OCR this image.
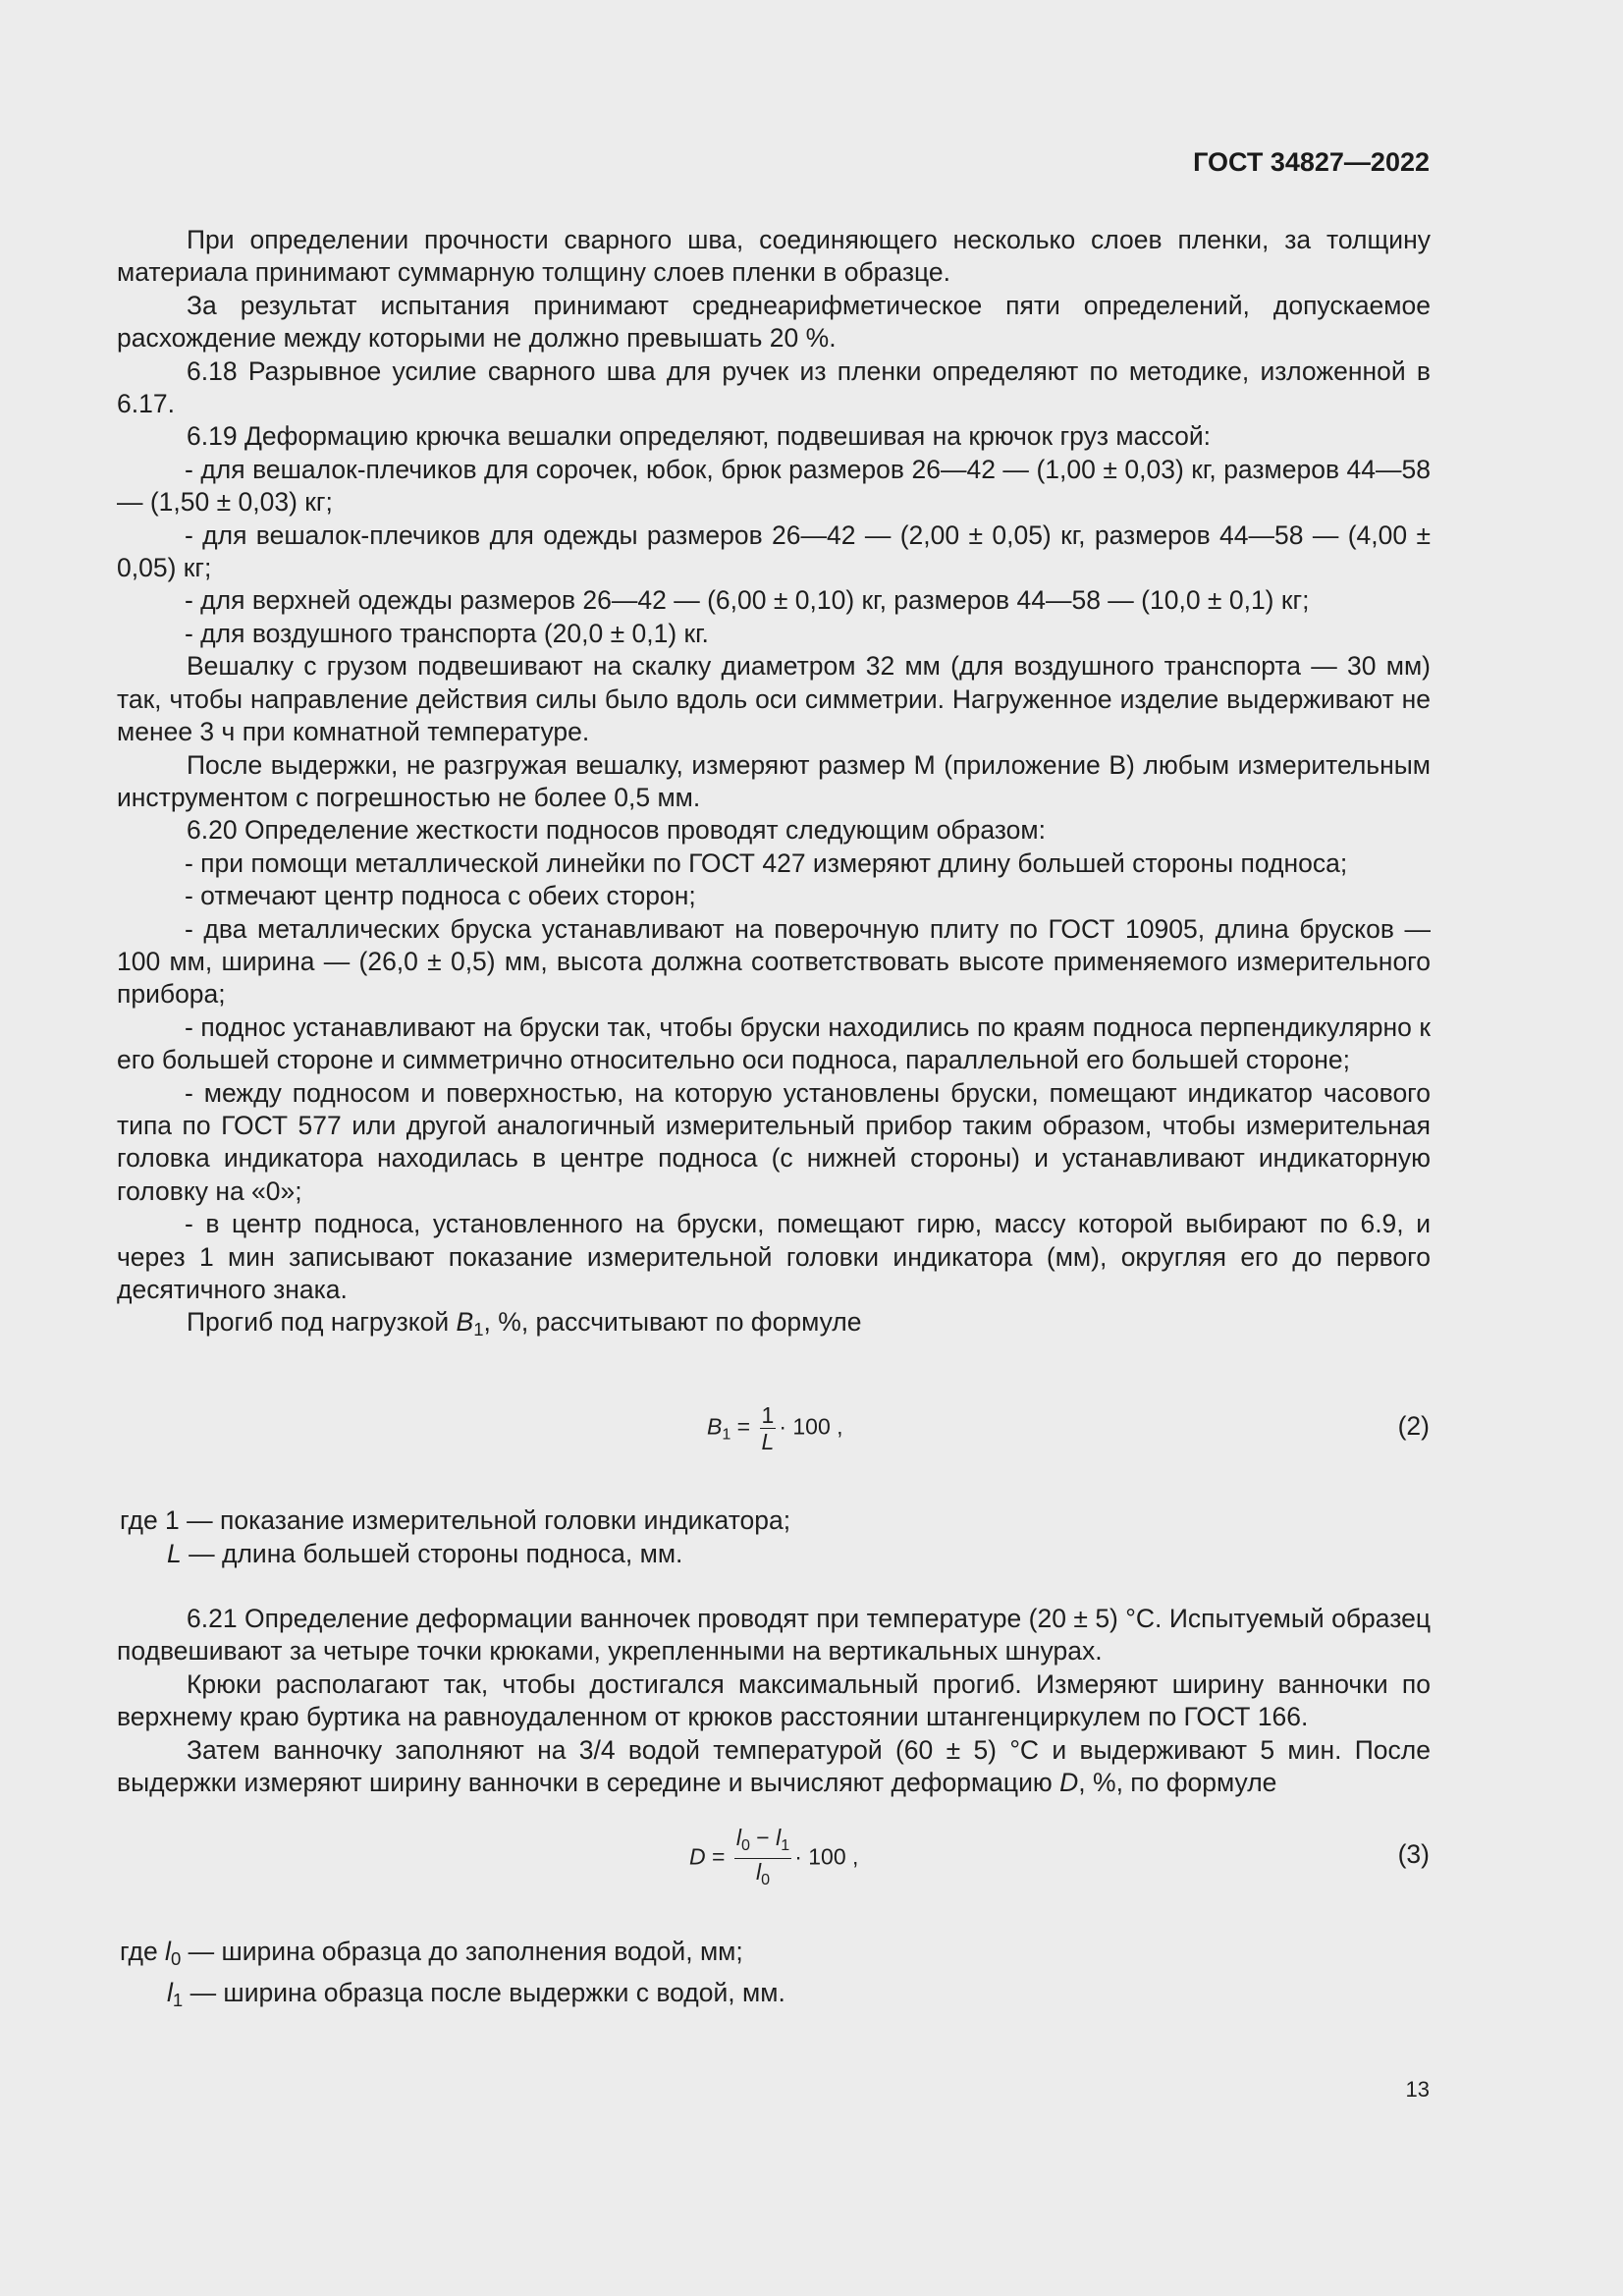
ГОСТ 34827—2022

При определении прочности сварного шва, соединяющего несколько слоев пленки, за толщину материала принимают суммарную толщину слоев пленки в образце.

За результат испытания принимают среднеарифметическое пяти определений, допускаемое расхождение между которыми не должно превышать 20 %.

6.18 Разрывное усилие сварного шва для ручек из пленки определяют по методике, изложенной в 6.17.

6.19 Деформацию крючка вешалки определяют, подвешивая на крючок груз массой:

- для вешалок-плечиков для сорочек, юбок, брюк размеров 26—42 — (1,00 ± 0,03) кг, размеров 44—58 — (1,50 ± 0,03) кг;

- для вешалок-плечиков для одежды размеров 26—42 — (2,00 ± 0,05) кг, размеров 44—58 — (4,00 ± 0,05) кг;

- для верхней одежды размеров 26—42 — (6,00 ± 0,10) кг, размеров 44—58 — (10,0 ± 0,1) кг;

- для воздушного транспорта (20,0 ± 0,1) кг.

Вешалку с грузом подвешивают на скалку диаметром 32 мм (для воздушного транспорта — 30 мм) так, чтобы направление действия силы было вдоль оси симметрии. Нагруженное изделие выдерживают не менее 3 ч при комнатной температуре.

После выдержки, не разгружая вешалку, измеряют размер М (приложение В) любым измерительным инструментом с погрешностью не более 0,5 мм.

6.20 Определение жесткости подносов проводят следующим образом:

- при помощи металлической линейки по ГОСТ 427 измеряют длину большей стороны подноса;

- отмечают центр подноса с обеих сторон;

- два металлических бруска устанавливают на поверочную плиту по ГОСТ 10905, длина брусков — 100 мм, ширина — (26,0 ± 0,5) мм, высота должна соответствовать высоте применяемого измерительного прибора;

- поднос устанавливают на бруски так, чтобы бруски находились по краям подноса перпендикулярно к его большей стороне и симметрично относительно оси подноса, параллельной его большей стороне;

- между подносом и поверхностью, на которую установлены бруски, помещают индикатор часового типа по ГОСТ 577 или другой аналогичный измерительный прибор таким образом, чтобы измерительная головка индикатора находилась в центре подноса (с нижней стороны) и устанавливают индикаторную головку на «0»;

- в центр подноса, установленного на бруски, помещают гирю, массу которой выбирают по 6.9, и через 1 мин записывают показание измерительной головки индикатора (мм), округляя его до первого десятичного знака.

Прогиб под нагрузкой $B_1$, %, рассчитывают по формуле

$B_1 = \frac{1}{L} \cdot 100$ ,	(2)
где 1 — показание измерительной головки индикатора;
L — длина большей стороны подноса, мм.

6.21 Определение деформации ванночек проводят при температуре (20 ± 5) °С. Испытуемый образец подвешивают за четыре точки крюками, укрепленными на вертикальных шнурах.

Крюки располагают так, чтобы достигался максимальный прогиб. Измеряют ширину ванночки по верхнему краю буртика на равноудаленном от крюков расстоянии штангенциркулем по ГОСТ 166.

Затем ванночку заполняют на 3/4 водой температурой (60 ± 5) °С и выдерживают 5 мин. После выдержки измеряют ширину ванночки в середине и вычисляют деформацию D, %, по формуле

$D = \frac{l_0 - l_1}{l_0} \cdot 100$ ,	(3)
где $l_0$ — ширина образца до заполнения водой, мм;
$l_1$ — ширина образца после выдержки с водой, мм.
13
